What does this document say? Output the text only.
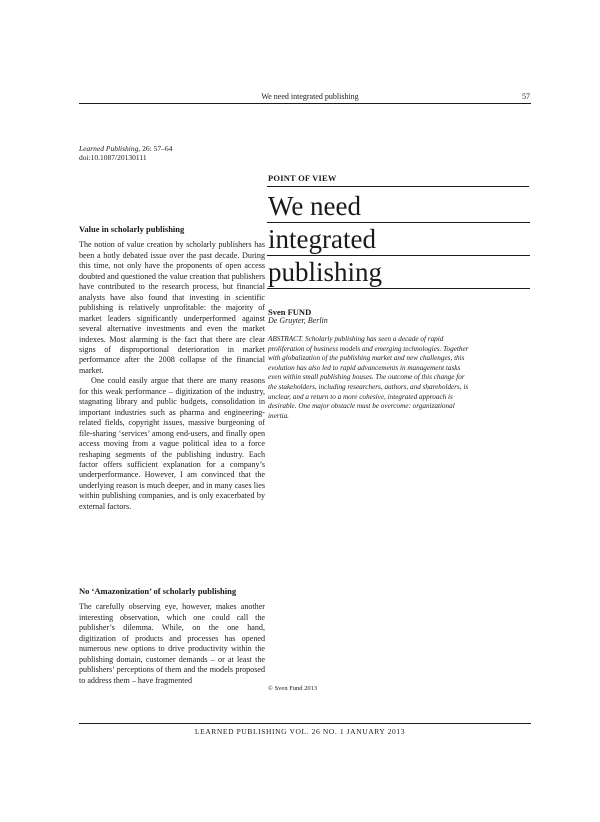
We need integrated publishing	57
Learned Publishing, 26: 57–64
doi:10.1087/20130111
POINT OF VIEW
We need
integrated
publishing
Sven FUND
De Gruyter, Berlin
ABSTRACT. Scholarly publishing has seen a decade of rapid proliferation of business models and emerging technologies. Together with globalization of the publishing market and new challenges, this evolution has also led to rapid advancements in management tasks even within small publishing houses. The outcome of this change for the stakeholders, including researchers, authors, and shareholders, is unclear, and a return to a more cohesive, integrated approach is desirable. One major obstacle must be overcome: organizational inertia.
© Sven Fund 2013
Value in scholarly publishing

The notion of value creation by scholarly publishers has been a hotly debated issue over the past decade. During this time, not only have the proponents of open access doubted and questioned the value creation that publishers have contributed to the research process, but financial analysts have also found that investing in scientific publishing is relatively unprofitable: the majority of market leaders significantly underperformed against several alternative investments and even the market indexes. Most alarming is the fact that there are clear signs of disproportional deterioration in market performance after the 2008 collapse of the financial market.

One could easily argue that there are many reasons for this weak performance – digitization of the industry, stagnating library and public budgets, consolidation in important industries such as pharma and engineering-related fields, copyright issues, massive burgeoning of file-sharing ‘services’ among end-users, and finally open access moving from a vague political idea to a force reshaping segments of the publishing industry. Each factor offers sufficient explanation for a company’s underperformance. However, I am convinced that the underlying reason is much deeper, and in many cases lies within publishing companies, and is only exacerbated by external factors.

No ‘Amazonization’ of scholarly publishing

The carefully observing eye, however, makes another interesting observation, which one could call the publisher’s dilemma. While, on the one hand, digitization of products and processes has opened numerous new options to drive productivity within the publishing domain, customer demands – or at least the publishers’ perceptions of them and the models proposed to address them – have fragmented

LEARNED PUBLISHING VOL. 26 NO. 1 JANUARY 2013
